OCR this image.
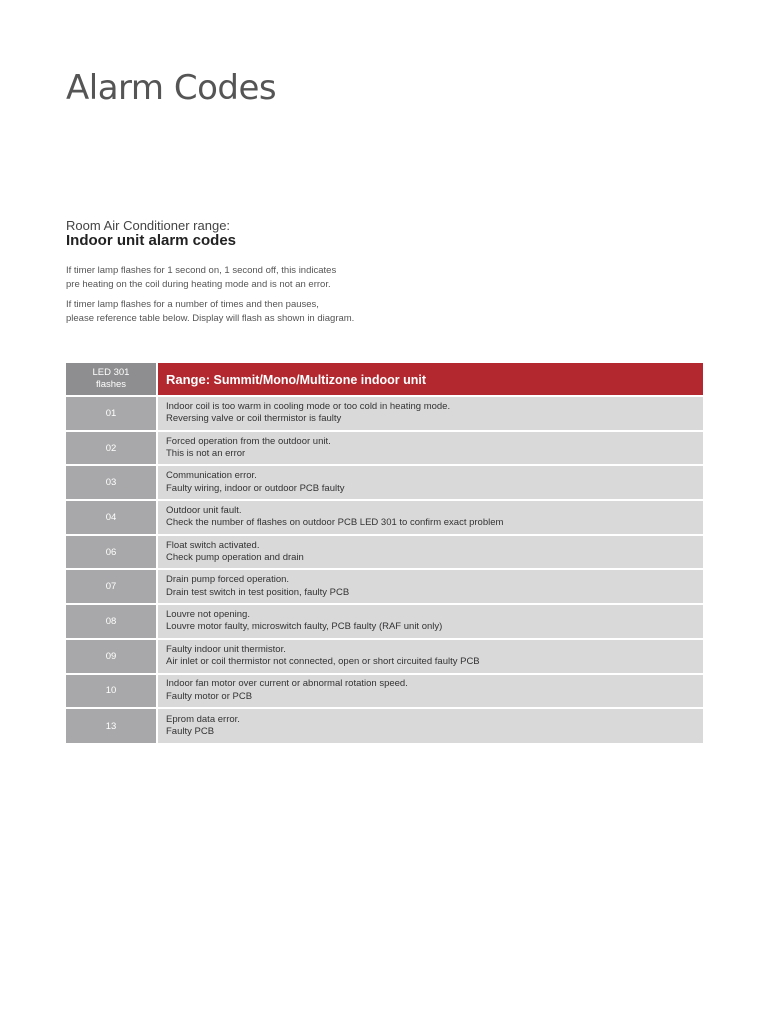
Alarm Codes
Room Air Conditioner range:
Indoor unit alarm codes

If timer lamp flashes for 1 second on, 1 second off, this indicates

pre heating on the coil during heating mode and is not an error.

If timer lamp flashes for a number of times and then pauses,

please reference table below. Display will flash as shown in diagram.

LED 301
flashes	Range: Summit/Mono/Multizone indoor unit
01	Indoor coil is too warm in cooling mode or too cold in heating mode.
Reversing valve or coil thermistor is faulty

02	Forced operation from the outdoor unit.
This is not an error

03	Communication error.
Faulty wiring, indoor or outdoor PCB faulty

04	Outdoor unit fault.
Check the number of flashes on outdoor PCB LED 301 to confirm exact problem

06	Float switch activated.
Check pump operation and drain

07	Drain pump forced operation.
Drain test switch in test position, faulty PCB

08	Louvre not opening.
Louvre motor faulty, microswitch faulty, PCB faulty (RAF unit only)

09	Faulty indoor unit thermistor.
Air inlet or coil thermistor not connected, open or short circuited faulty PCB

10	Indoor fan motor over current or abnormal rotation speed.
Faulty motor or PCB

13	Eprom data error.
Faulty PCB
